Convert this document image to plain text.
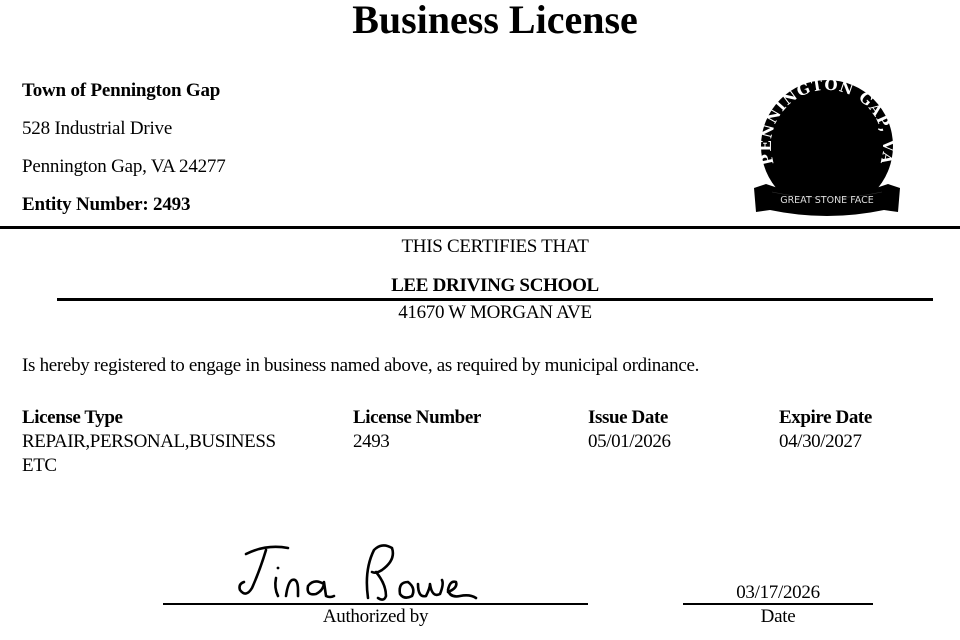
Business License
Town of Pennington Gap
528 Industrial Drive
Pennington Gap, VA 24277
Entity Number: 2493
PENNINGTON GAP, VA
GREAT STONE FACE
THIS CERTIFIES THAT
LEE DRIVING SCHOOL
41670 W MORGAN AVE
Is hereby registered to engage in business named above, as required by municipal ordinance.
License Type
REPAIR,PERSONAL,BUSINESS
ETC
License Number
2493
Issue Date
05/01/2026
Expire Date
04/30/2027
Authorized by
03/17/2026
Date
